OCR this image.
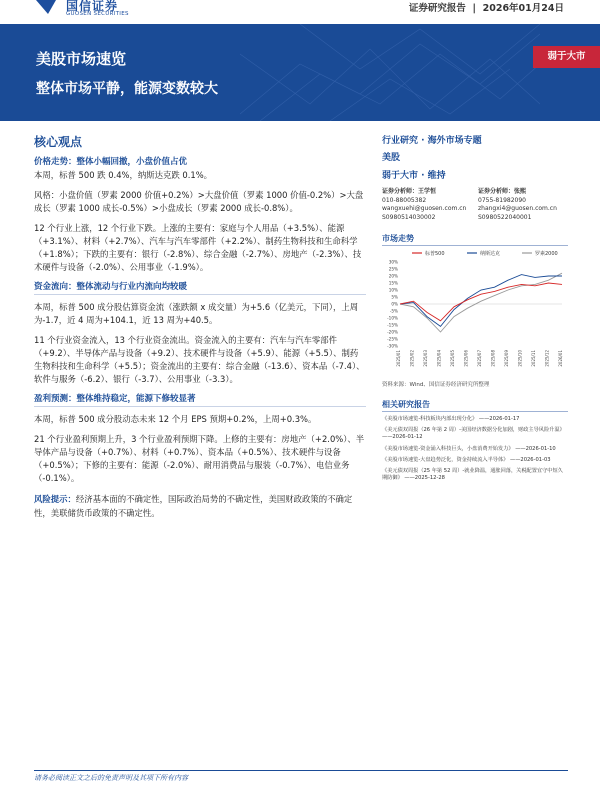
国信证券
GUOSEN SECURITIES	证券研究报告  |  2026年01月24日
美股市场速览
整体市场平静，能源变数较大
弱于大市
核心观点
价格走势：整体小幅回撤，小盘价值占优
本周，标普 500 跌 0.4%，纳斯达克跌 0.1%。
风格：小盘价值（罗素 2000 价值+0.2%）>大盘价值（罗素 1000 价值-0.2%）>大盘成长（罗素 1000 成长-0.5%）>小盘成长（罗素 2000 成长-0.8%）。
12 个行业上涨，12 个行业下跌。上涨的主要有：家庭与个人用品（+3.5%）、能源（+3.1%）、材料（+2.7%）、汽车与汽车零部件（+2.2%）、制药生物科技和生命科学（+1.8%）；下跌的主要有：银行（-2.8%）、综合金融（-2.7%）、房地产（-2.3%）、技术硬件与设备（-2.0%）、公用事业（-1.9%）。
资金流向：整体流动与行业内流向均较暖
本周，标普 500 成分股估算资金流（涨跌额 x 成交量）为+5.6（亿美元，下同），上周为-1.7，近 4 周为+104.1，近 13 周为+40.5。
11 个行业资金流入，13 个行业资金流出。资金流入的主要有：汽车与汽车零部件（+9.2）、半导体产品与设备（+9.2）、技术硬件与设备（+5.9）、能源（+5.5）、制药生物科技和生命科学（+5.5）；资金流出的主要有：综合金融（-13.6）、资本品（-7.4）、软件与服务（-6.2）、银行（-3.7）、公用事业（-3.3）。
盈利预测：整体维持稳定，能源下修较显著
本周，标普 500 成分股动态未来 12 个月 EPS 预期+0.2%，上周+0.3%。
21 个行业盈利预期上升，3 个行业盈利预期下降。上修的主要有：房地产（+2.0%）、半导体产品与设备（+0.7%）、材料（+0.7%）、资本品（+0.5%）、技术硬件与设备（+0.5%）；下修的主要有：能源（-2.0%）、耐用消费品与服装（-0.7%）、电信业务（-0.1%）。
风险提示：经济基本面的不确定性，国际政治局势的不确定性，美国财政政策的不确定性，美联储货币政策的不确定性。
行业研究 · 海外市场专题
美股
弱于大市 · 维持
证券分析师：王学恒
010-88005382
wangxuehi@guosen.com.cn
S0980514030002
证券分析师：张熙
0755-81982090
zhangxi4@guosen.com.cn
S0980522040001
市场走势
30%
25%
20%
15%
10%
5%
0%
-5%
-10%
-15%
-20%
-25%
-30%
2025/01 2025/02 2025/03 2025/04 2025/05 2025/06 2025/07 2025/08 2025/09 2025/10 2025/11 2025/12 2026/01
标普500	纳斯达克	罗素2000
资料来源：Wind、国信证券经济研究所整理
相关研究报告
《美股市场速览-科技板块内部出现分化》 ——2026-01-17
《美元债双周报（26 年第 2 周）-美国经济数据分化加剧，财政主导风险升温》 ——2026-01-12
《美股市场速览-资金涌入科技巨头，小盘消费开始发力》 ——2026-01-10
《美股市场速览-大盘趋势泛化，资金持续流入半导体》 ——2026-01-03
《美元债双周报（25 年第 52 周）-就业降温，通胀回落，关税配置宜守中短久期防御》 ——2025-12-28
请务必阅读正文之后的免责声明及其项下所有内容
